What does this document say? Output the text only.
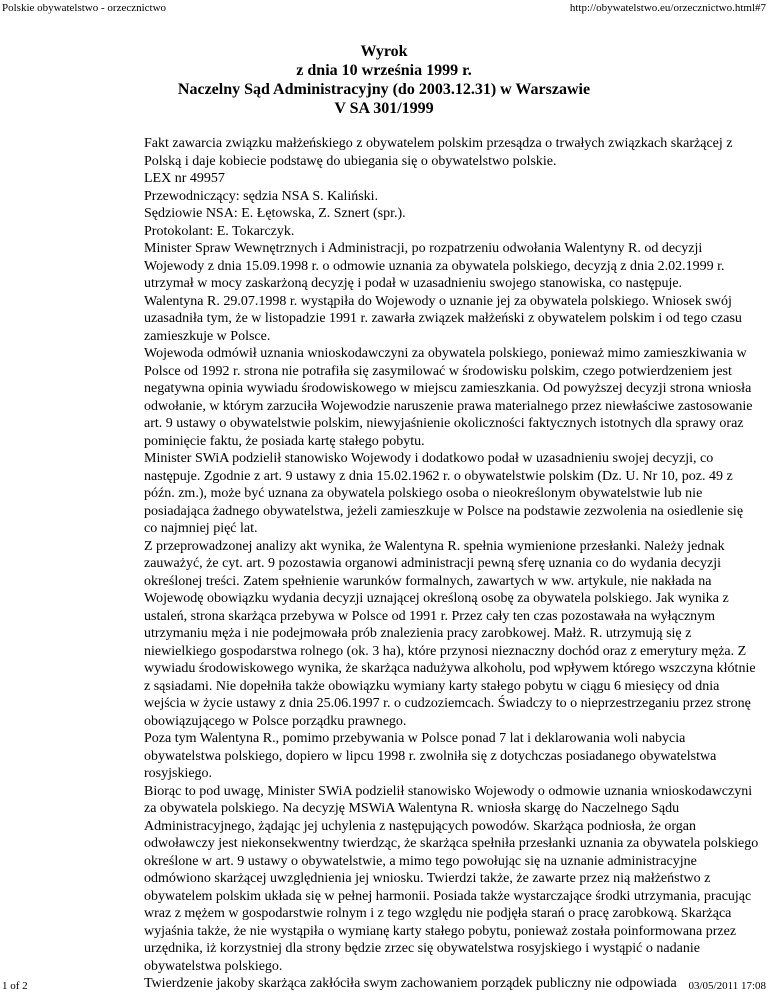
Polskie obywatelstwo - orzecznictwo	http://obywatelstwo.eu/orzecznictwo.html#7
Wyrok
z dnia 10 września 1999 r.
Naczelny Sąd Administracyjny (do 2003.12.31) w Warszawie
V SA 301/1999

Fakt zawarcia związku małżeńskiego z obywatelem polskim przesądza o trwałych związkach skarżącej z Polską i daje kobiecie podstawę do ubiegania się o obywatelstwo polskie.

LEX nr 49957

Przewodniczący: sędzia NSA S. Kaliński.

Sędziowie NSA: E. Łętowska, Z. Sznert (spr.).

Protokolant: E. Tokarczyk.

Minister Spraw Wewnętrznych i Administracji, po rozpatrzeniu odwołania Walentyny R. od decyzji Wojewody z dnia 15.09.1998 r. o odmowie uznania za obywatela polskiego, decyzją z dnia 2.02.1999 r. utrzymał w mocy zaskarżoną decyzję i podał w uzasadnieniu swojego stanowiska, co następuje.

Walentyna R. 29.07.1998 r. wystąpiła do Wojewody o uznanie jej za obywatela polskiego. Wniosek swój uzasadniła tym, że w listopadzie 1991 r. zawarła związek małżeński z obywatelem polskim i od tego czasu zamieszkuje w Polsce.

Wojewoda odmówił uznania wnioskodawczyni za obywatela polskiego, ponieważ mimo zamieszkiwania w Polsce od 1992 r. strona nie potrafiła się zasymilować w środowisku polskim, czego potwierdzeniem jest negatywna opinia wywiadu środowiskowego w miejscu zamieszkania. Od powyższej decyzji strona wniosła odwołanie, w którym zarzuciła Wojewodzie naruszenie prawa materialnego przez niewłaściwe zastosowanie art. 9 ustawy o obywatelstwie polskim, niewyjaśnienie okoliczności faktycznych istotnych dla sprawy oraz pominięcie faktu, że posiada kartę stałego pobytu.

Minister SWiA podzielił stanowisko Wojewody i dodatkowo podał w uzasadnieniu swojej decyzji, co następuje. Zgodnie z art. 9 ustawy z dnia 15.02.1962 r. o obywatelstwie polskim (Dz. U. Nr 10, poz. 49 z późn. zm.), może być uznana za obywatela polskiego osoba o nieokreślonym obywatelstwie lub nie posiadająca żadnego obywatelstwa, jeżeli zamieszkuje w Polsce na podstawie zezwolenia na osiedlenie się co najmniej pięć lat.

Z przeprowadzonej analizy akt wynika, że Walentyna R. spełnia wymienione przesłanki. Należy jednak zauważyć, że cyt. art. 9 pozostawia organowi administracji pewną sferę uznania co do wydania decyzji określonej treści. Zatem spełnienie warunków formalnych, zawartych w ww. artykule, nie nakłada na Wojewodę obowiązku wydania decyzji uznającej określoną osobę za obywatela polskiego. Jak wynika z ustaleń, strona skarżąca przebywa w Polsce od 1991 r. Przez cały ten czas pozostawała na wyłącznym utrzymaniu męża i nie podejmowała prób znalezienia pracy zarobkowej. Małż. R. utrzymują się z niewielkiego gospodarstwa rolnego (ok. 3 ha), które przynosi nieznaczny dochód oraz z emerytury męża. Z wywiadu środowiskowego wynika, że skarżąca nadużywa alkoholu, pod wpływem którego wszczyna kłótnie z sąsiadami. Nie dopełniła także obowiązku wymiany karty stałego pobytu w ciągu 6 miesięcy od dnia wejścia w życie ustawy z dnia 25.06.1997 r. o cudzoziemcach. Świadczy to o nieprzestrzeganiu przez stronę obowiązującego w Polsce porządku prawnego.

Poza tym Walentyna R., pomimo przebywania w Polsce ponad 7 lat i deklarowania woli nabycia obywatelstwa polskiego, dopiero w lipcu 1998 r. zwolniła się z dotychczas posiadanego obywatelstwa rosyjskiego.

Biorąc to pod uwagę, Minister SWiA podzielił stanowisko Wojewody o odmowie uznania wnioskodawczyni za obywatela polskiego. Na decyzję MSWiA Walentyna R. wniosła skargę do Naczelnego Sądu Administracyjnego, żądając jej uchylenia z następujących powodów. Skarżąca podniosła, że organ odwoławczy jest niekonsekwentny twierdząc, że skarżąca spełniła przesłanki uznania za obywatela polskiego określone w art. 9 ustawy o obywatelstwie, a mimo tego powołując się na uznanie administracyjne odmówiono skarżącej uwzględnienia jej wniosku. Twierdzi także, że zawarte przez nią małżeństwo z obywatelem polskim układa się w pełnej harmonii. Posiada także wystarczające środki utrzymania, pracując wraz z mężem w gospodarstwie rolnym i z tego względu nie podjęła starań o pracę zarobkową. Skarżąca wyjaśnia także, że nie wystąpiła o wymianę karty stałego pobytu, ponieważ została poinformowana przez urzędnika, iż korzystniej dla strony będzie zrzec się obywatelstwa rosyjskiego i wystąpić o nadanie obywatelstwa polskiego.

Twierdzenie jakoby skarżąca zakłóciła swym zachowaniem porządek publiczny nie odpowiada

1 of 2	03/05/2011 17:08
